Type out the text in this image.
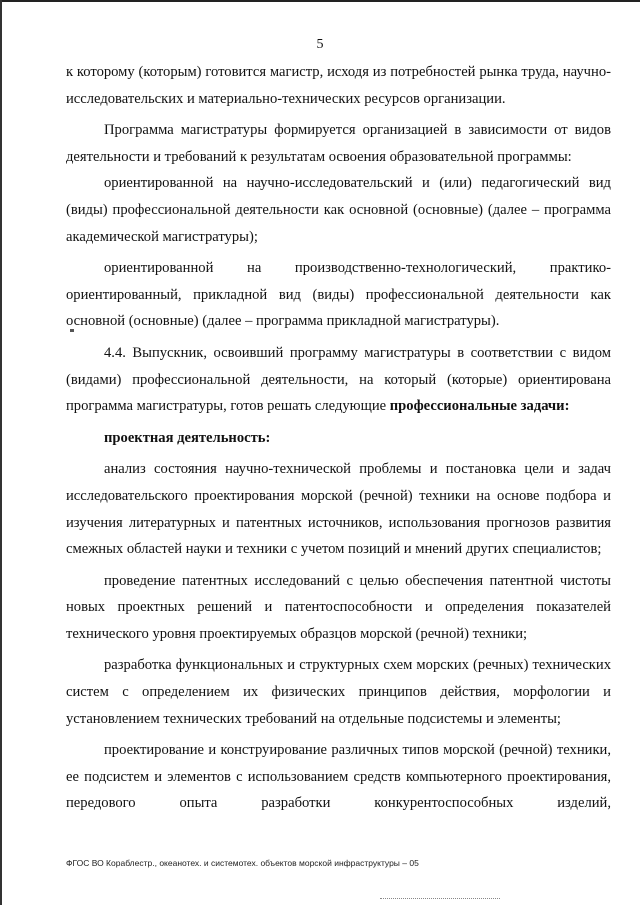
5

к которому (которым) готовится магистр, исходя из потребностей рынка труда, научно-исследовательских и материально-технических ресурсов организации.

Программа магистратуры формируется организацией в зависимости от видов деятельности и требований к результатам освоения образовательной программы:

ориентированной на научно-исследовательский и (или) педагогический вид (виды) профессиональной деятельности как основной (основные) (далее – программа академической магистратуры);

ориентированной на производственно-технологический, практико-ориентированный, прикладной вид (виды) профессиональной деятельности как основной (основные) (далее – программа прикладной магистратуры).

4.4. Выпускник, освоивший программу магистратуры в соответствии с видом (видами) профессиональной деятельности, на который (которые) ориентирована программа магистратуры, готов решать следующие профессиональные задачи:

проектная деятельность:

анализ состояния научно-технической проблемы и постановка цели и задач исследовательского проектирования морской (речной) техники на основе подбора и изучения литературных и патентных источников, использования прогнозов развития смежных областей науки и техники с учетом позиций и мнений других специалистов;

проведение патентных исследований с целью обеспечения патентной чистоты новых проектных решений и патентоспособности и определения показателей технического уровня проектируемых образцов морской (речной) техники;

разработка функциональных и структурных схем морских (речных) технических систем с определением их физических принципов действия, морфологии и установлением технических требований на отдельные подсистемы и элементы;

проектирование и конструирование различных типов морской (речной) техники, ее подсистем и элементов с использованием средств компьютерного проектирования, передового опыта разработки конкурентоспособных изделий,

ФГОС ВО Кораблестр., океанотех. и системотех. объектов морской инфраструктуры – 05
